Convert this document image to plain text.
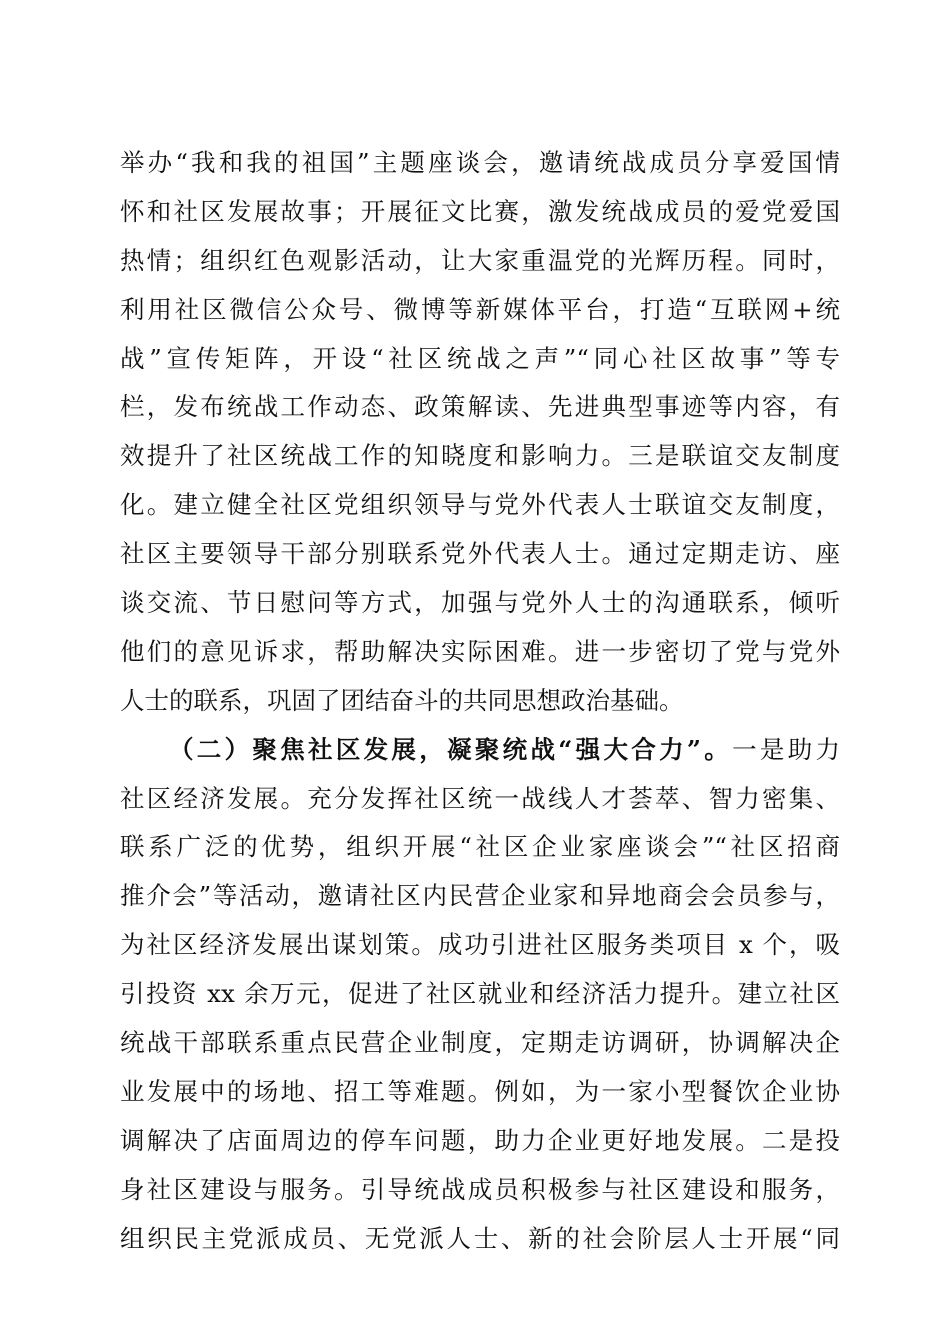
举办“我和我的祖国”主题座谈会，邀请统战成员分享爱国情
怀和社区发展故事；开展征文比赛，激发统战成员的爱党爱国
热情；组织红色观影活动，让大家重温党的光辉历程。同时，
利用社区微信公众号、微博等新媒体平台，打造“互联网+统
战”宣传矩阵，开设“社区统战之声”“同心社区故事”等专
栏，发布统战工作动态、政策解读、先进典型事迹等内容，有
效提升了社区统战工作的知晓度和影响力。三是联谊交友制度
化。建立健全社区党组织领导与党外代表人士联谊交友制度，
社区主要领导干部分别联系党外代表人士。通过定期走访、座
谈交流、节日慰问等方式，加强与党外人士的沟通联系，倾听
他们的意见诉求，帮助解决实际困难。进一步密切了党与党外
人士的联系，巩固了团结奋斗的共同思想政治基础。
（二）聚焦社区发展，凝聚统战“强大合力”。一是助力
社区经济发展。充分发挥社区统一战线人才荟萃、智力密集、
联系广泛的优势，组织开展“社区企业家座谈会”“社区招商
推介会”等活动，邀请社区内民营企业家和异地商会会员参与，
为社区经济发展出谋划策。成功引进社区服务类项目 x 个，吸
引投资 xx 余万元，促进了社区就业和经济活力提升。建立社区
统战干部联系重点民营企业制度，定期走访调研，协调解决企
业发展中的场地、招工等难题。例如，为一家小型餐饮企业协
调解决了店面周边的停车问题，助力企业更好地发展。二是投
身社区建设与服务。引导统战成员积极参与社区建设和服务，
组织民主党派成员、无党派人士、新的社会阶层人士开展“同
